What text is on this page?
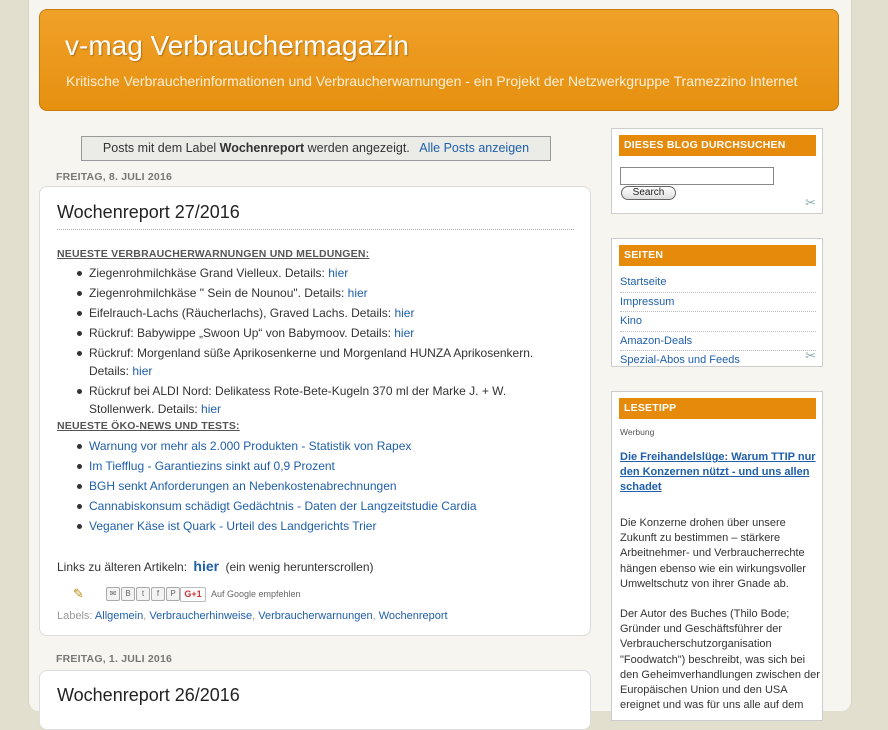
v-mag Verbrauchermagazin
Kritische Verbraucherinformationen und Verbraucherwarnungen - ein Projekt der Netzwerkgruppe Tramezzino Internet
Posts mit dem Label Wochenreport werden angezeigt. Alle Posts anzeigen
FREITAG, 8. JULI 2016
Wochenreport 27/2016
NEUESTE VERBRAUCHERWARNUNGEN UND MELDUNGEN:
Ziegenrohmilchkäse Grand Vielleux. Details: hier
Ziegenrohmilchkäse " Sein de Nounou". Details: hier
Eifelrauch-Lachs (Räucherlachs), Graved Lachs. Details: hier
Rückruf: Babywippe „Swoon Up“ von Babymoov. Details: hier
Rückruf: Morgenland süße Aprikosenkerne und Morgenland HUNZA Aprikosenkern. Details: hier
Rückruf bei ALDI Nord: Delikatess Rote-Bete-Kugeln 370 ml der Marke J. + W. Stollenwerk. Details: hier
NEUESTE ÖKO-NEWS UND TESTS:
Warnung vor mehr als 2.000 Produkten - Statistik von Rapex
Im Tiefflug - Garantiezins sinkt auf 0,9 Prozent
BGH senkt Anforderungen an Nebenkostenabrechnungen
Cannabiskonsum schädigt Gedächtnis - Daten der Langzeitstudie Cardia
Veganer Käse ist Quark - Urteil des Landgerichts Trier
Links zu älteren Artikeln: hier (ein wenig herunterscrollen)
✎	✉	B	t	f	P G+1	Auf Google empfehlen
Labels: Allgemein, Verbraucherhinweise, Verbraucherwarnungen, Wochenreport
FREITAG, 1. JULI 2016
Wochenreport 26/2016
DIESES BLOG DURCHSUCHEN
Search
✂
SEITEN
Startseite
Impressum
Kino
Amazon-Deals
Spezial-Abos und Feeds	✂
LESETIPP
Werbung
Die Freihandelslüge: Warum TTIP nur den Konzernen nützt - und uns allen schadet
Die Konzerne drohen über unsere Zukunft zu bestimmen – stärkere Arbeitnehmer- und Verbraucherrechte hängen ebenso wie ein wirkungsvoller Umweltschutz von ihrer Gnade ab.
Der Autor des Buches (Thilo Bode; Gründer und Geschäftsführer der Verbraucherschutzorganisation "Foodwatch") beschreibt, was sich bei den Geheimverhandlungen zwischen der Europäischen Union und den USA ereignet und was für uns alle auf dem
